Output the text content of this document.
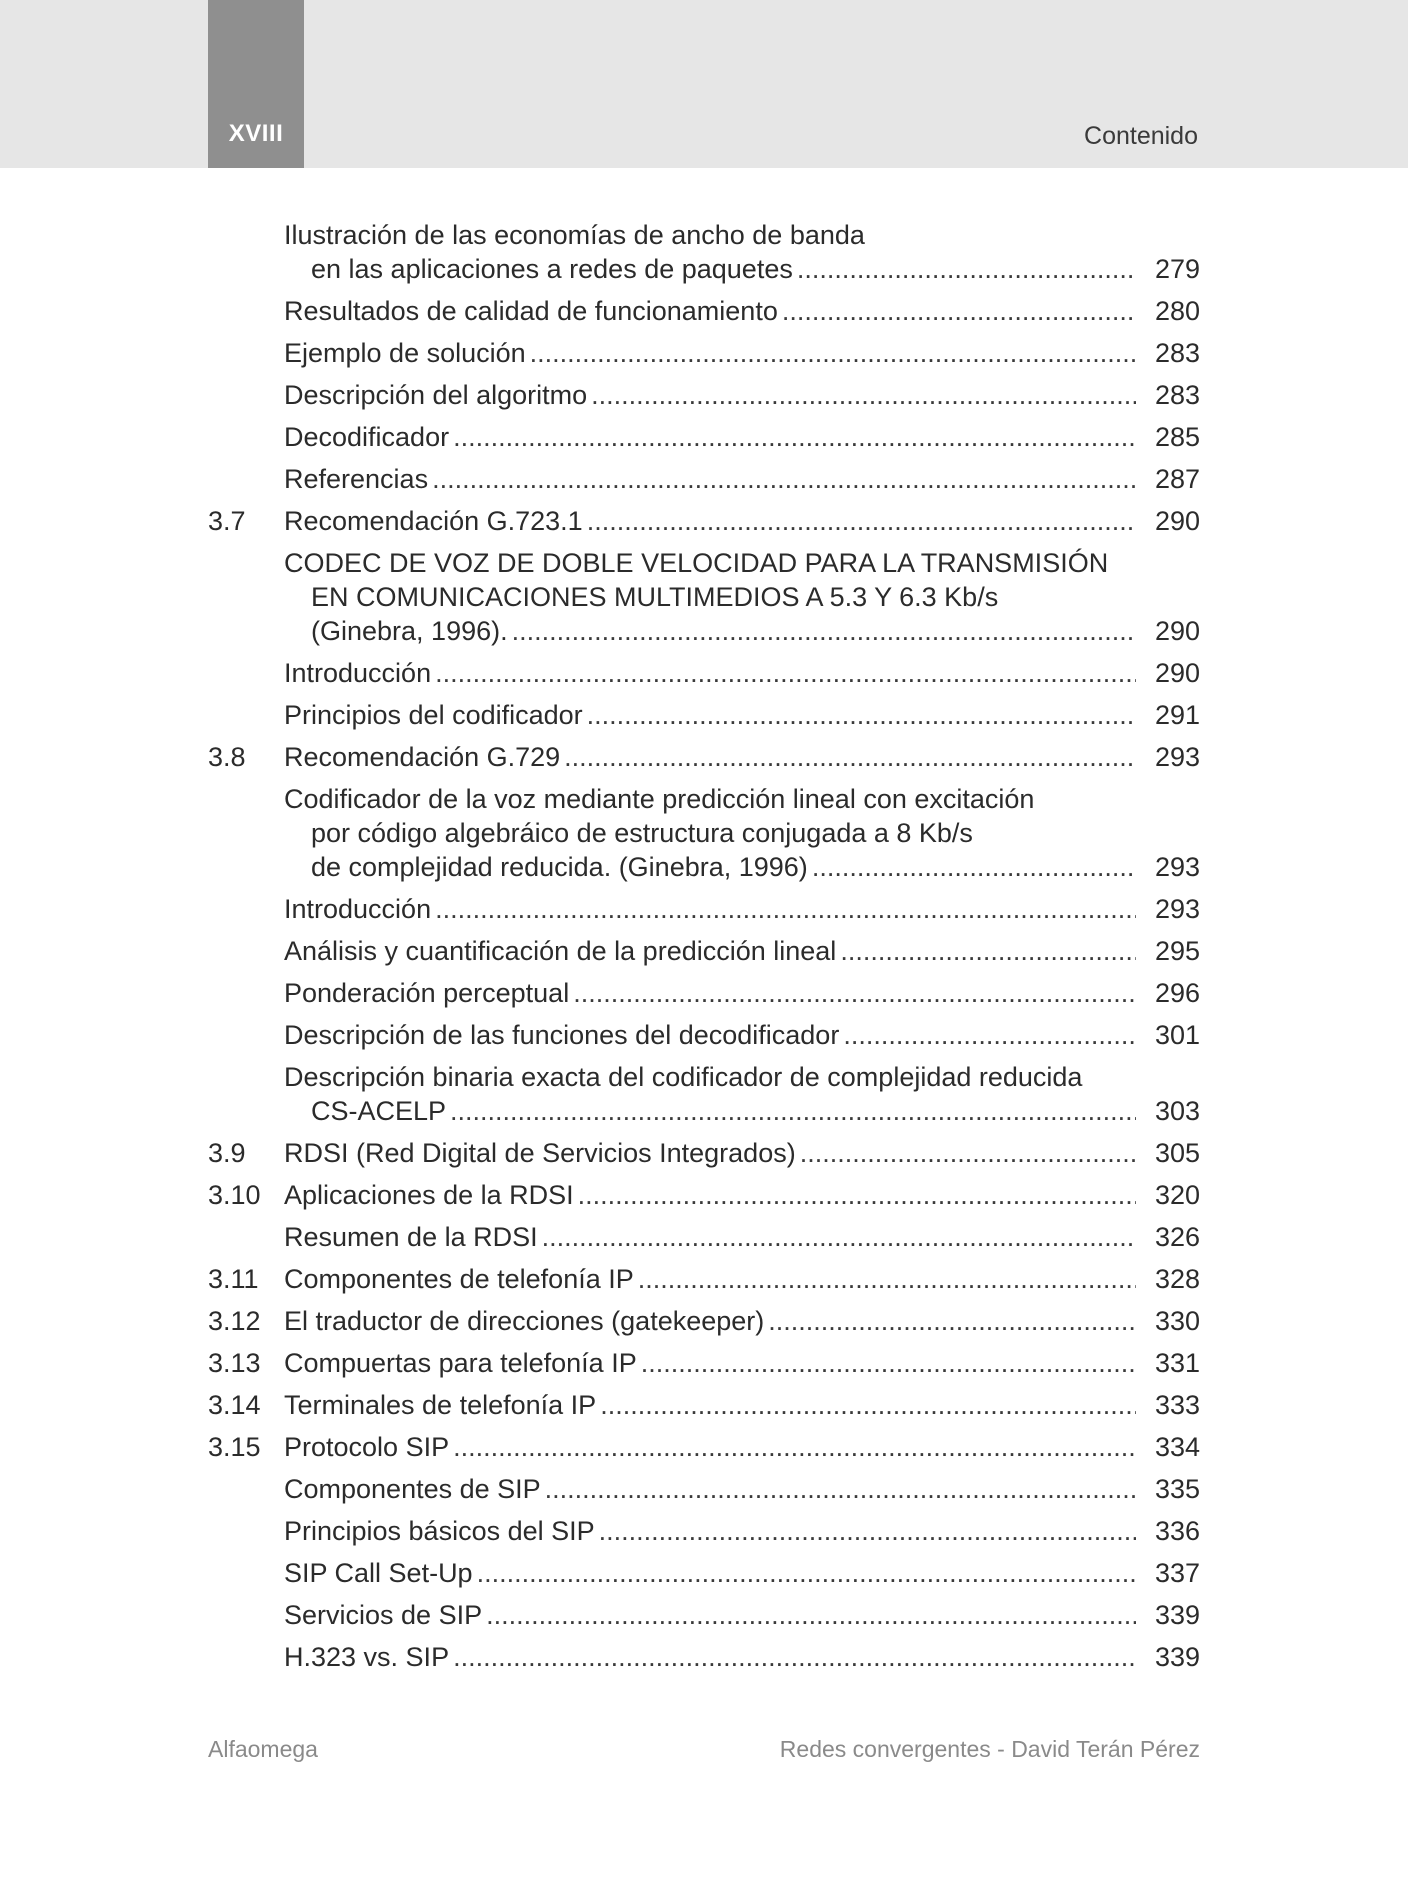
XVIII	Contenido
Ilustración de las economías de ancho de banda
en las aplicaciones a redes de paquetes .....	279
Resultados de calidad de funcionamiento .....	280
Ejemplo de solución .....	283
Descripción del algoritmo .....	283
Decodificador .....	285
Referencias .....	287
3.7	Recomendación G.723.1 .....	290
CODEC DE VOZ DE DOBLE VELOCIDAD PARA LA TRANSMISIÓN
EN COMUNICACIONES MULTIMEDIOS A 5.3 Y 6.3 Kb/s
(Ginebra, 1996). .....	290
Introducción .....	290
Principios del codificador .....	291
3.8	Recomendación G.729 .....	293
Codificador de la voz mediante predicción lineal con excitación
por código algebráico de estructura conjugada a 8 Kb/s
de complejidad reducida. (Ginebra, 1996) .....	293
Introducción .....	293
Análisis y cuantificación de la predicción lineal .....	295
Ponderación perceptual .....	296
Descripción de las funciones del decodificador .....	301
Descripción binaria exacta del codificador de complejidad reducida
CS-ACELP .....	303
3.9	RDSI (Red Digital de Servicios Integrados) .....	305
3.10 Aplicaciones de la RDSI .....	320
Resumen de la RDSI .....	326
3.11 Componentes de telefonía IP .....	328
3.12 El traductor de direcciones (gatekeeper) .....	330
3.13 Compuertas para telefonía IP .....	331
3.14 Terminales de telefonía IP .....	333
3.15 Protocolo SIP .....	334
Componentes de SIP .....	335
Principios básicos del SIP .....	336
SIP Call Set-Up .....	337
Servicios de SIP .....	339
H.323 vs. SIP .....	339
Alfaomega	Redes convergentes - David Terán Pérez
